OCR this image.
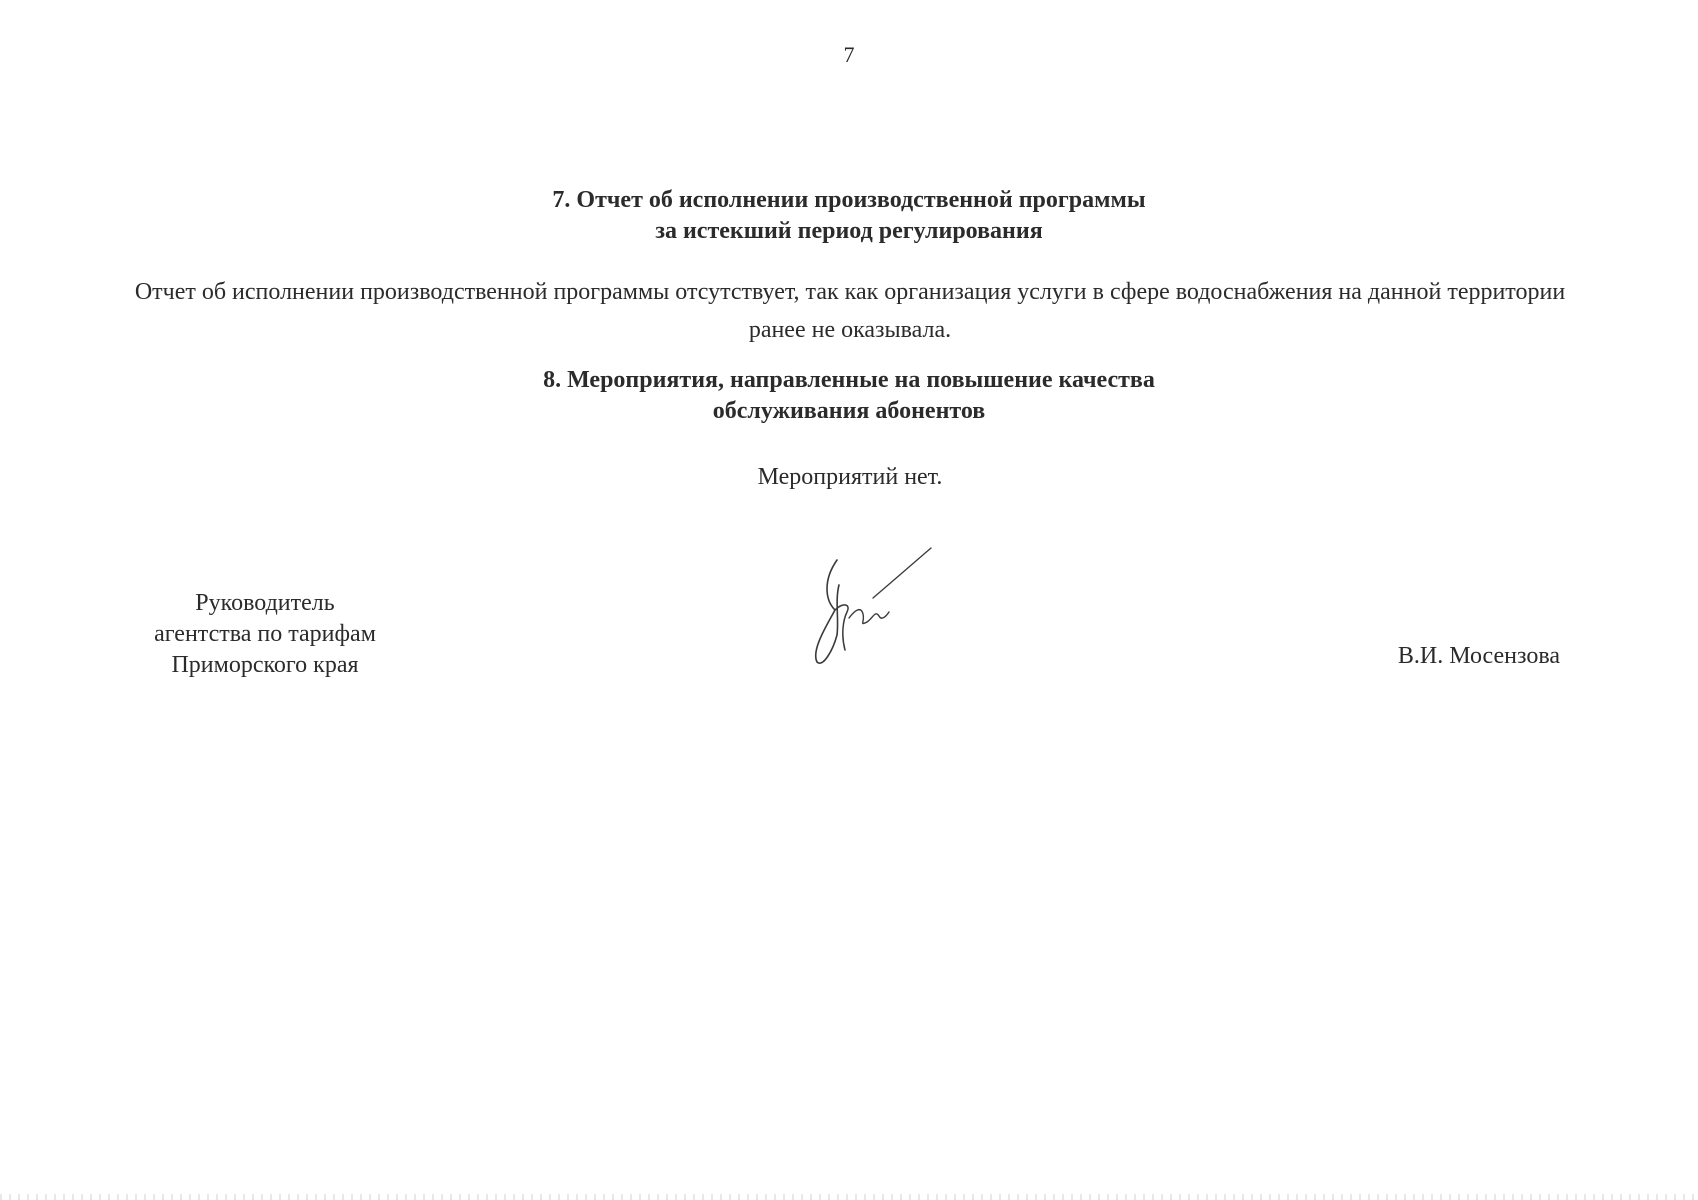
7
7. Отчет об исполнении производственной программы
за истекший период регулирования
Отчет об исполнении производственной программы отсутствует, так как организация услуги в сфере водоснабжения на данной территории ранее не оказывала.
8. Мероприятия, направленные на повышение качества
обслуживания абонентов
Мероприятий нет.
Руководитель
агентства по тарифам
Приморского края	В.И. Мосензова
